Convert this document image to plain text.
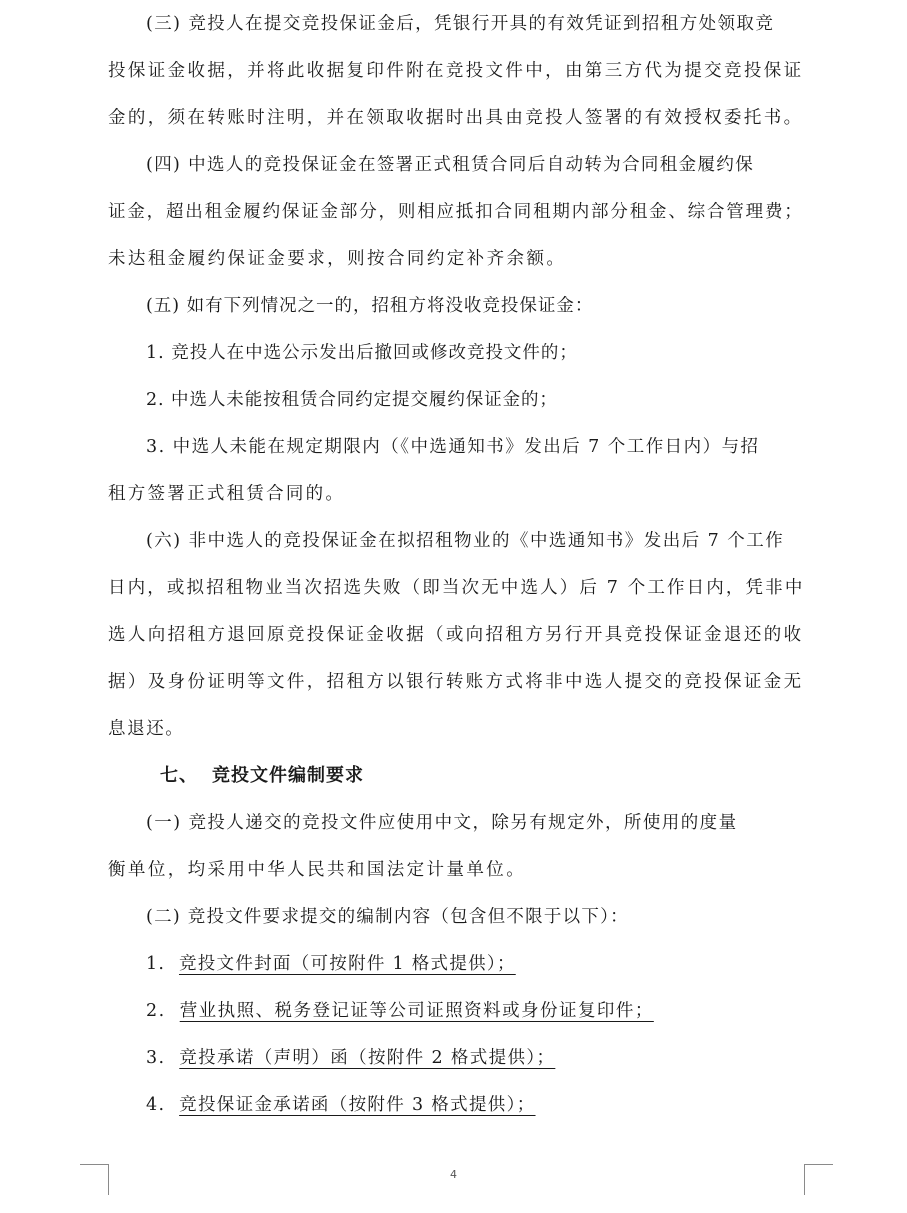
(三) 竞投人在提交竞投保证金后，凭银行开具的有效凭证到招租方处领取竞
投保证金收据，并将此收据复印件附在竞投文件中，由第三方代为提交竞投保证
金的，须在转账时注明，并在领取收据时出具由竞投人签署的有效授权委托书。
(四) 中选人的竞投保证金在签署正式租赁合同后自动转为合同租金履约保
证金，超出租金履约保证金部分，则相应抵扣合同租期内部分租金、综合管理费；
未达租金履约保证金要求，则按合同约定补齐余额。
(五) 如有下列情况之一的，招租方将没收竞投保证金：
1. 竞投人在中选公示发出后撤回或修改竞投文件的；
2. 中选人未能按租赁合同约定提交履约保证金的；
3. 中选人未能在规定期限内（《中选通知书》发出后 7 个工作日内）与招
租方签署正式租赁合同的。
(六) 非中选人的竞投保证金在拟招租物业的《中选通知书》发出后 7 个工作
日内，或拟招租物业当次招选失败（即当次无中选人）后 7 个工作日内，凭非中
选人向招租方退回原竞投保证金收据（或向招租方另行开具竞投保证金退还的收
据）及身份证明等文件，招租方以银行转账方式将非中选人提交的竞投保证金无
息退还。
七、 竞投文件编制要求
(一) 竞投人递交的竞投文件应使用中文，除另有规定外，所使用的度量
衡单位，均采用中华人民共和国法定计量单位。
(二) 竞投文件要求提交的编制内容（包含但不限于以下）：
1. 竞投文件封面（可按附件 1 格式提供）；
2. 营业执照、税务登记证等公司证照资料或身份证复印件；
3. 竞投承诺（声明）函（按附件 2 格式提供）；
4. 竞投保证金承诺函（按附件 3 格式提供）；
4
